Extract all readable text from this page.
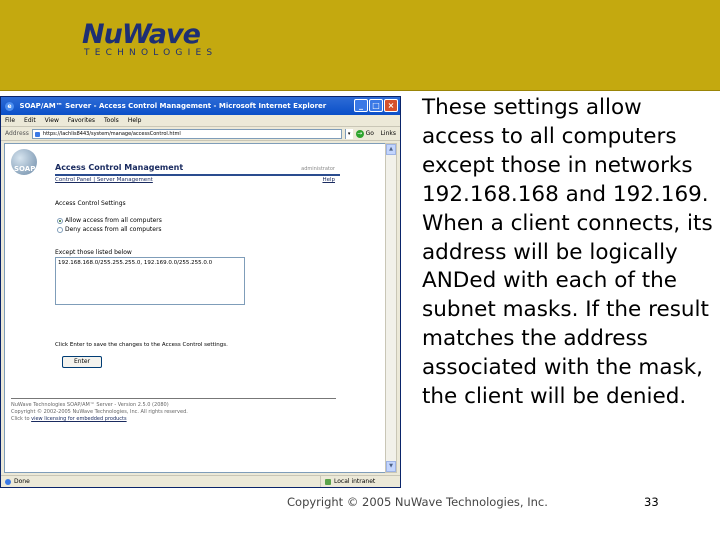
NuWave
TECHNOLOGIES
e SOAP/AM™ Server - Access Control Management - Microsoft Internet Explorer	_	□ ×
File Edit View Favorites Tools Help
Address	https://lachlis8443/system/manage/accessControl.html	▾	→ Go Links
SOAP/AM Access Control Management	administrator
Control Panel | Server Management	Help
Access Control Settings
Allow access from all computers
Deny access from all computers
Except those listed below
192.168.168.0/255.255.255.0, 192.169.0.0/255.255.0.0
Click Enter to save the changes to the Access Control settings.
Enter
NuWave Technologies SOAP/AM™ Server - Version 2.5.0 (2080)
Copyright © 2002-2005 NuWave Technologies, Inc. All rights reserved.
Click to view licensing for embedded products
▲
▼
Done	Local intranet
These settings allow access to all computers except those in networks 192.168.168 and 192.169. When a client connects, its address will be logically ANDed with each of the subnet masks. If the result matches the address associated with the mask, the client will be denied.
Copyright © 2005 NuWave Technologies, Inc.	33
